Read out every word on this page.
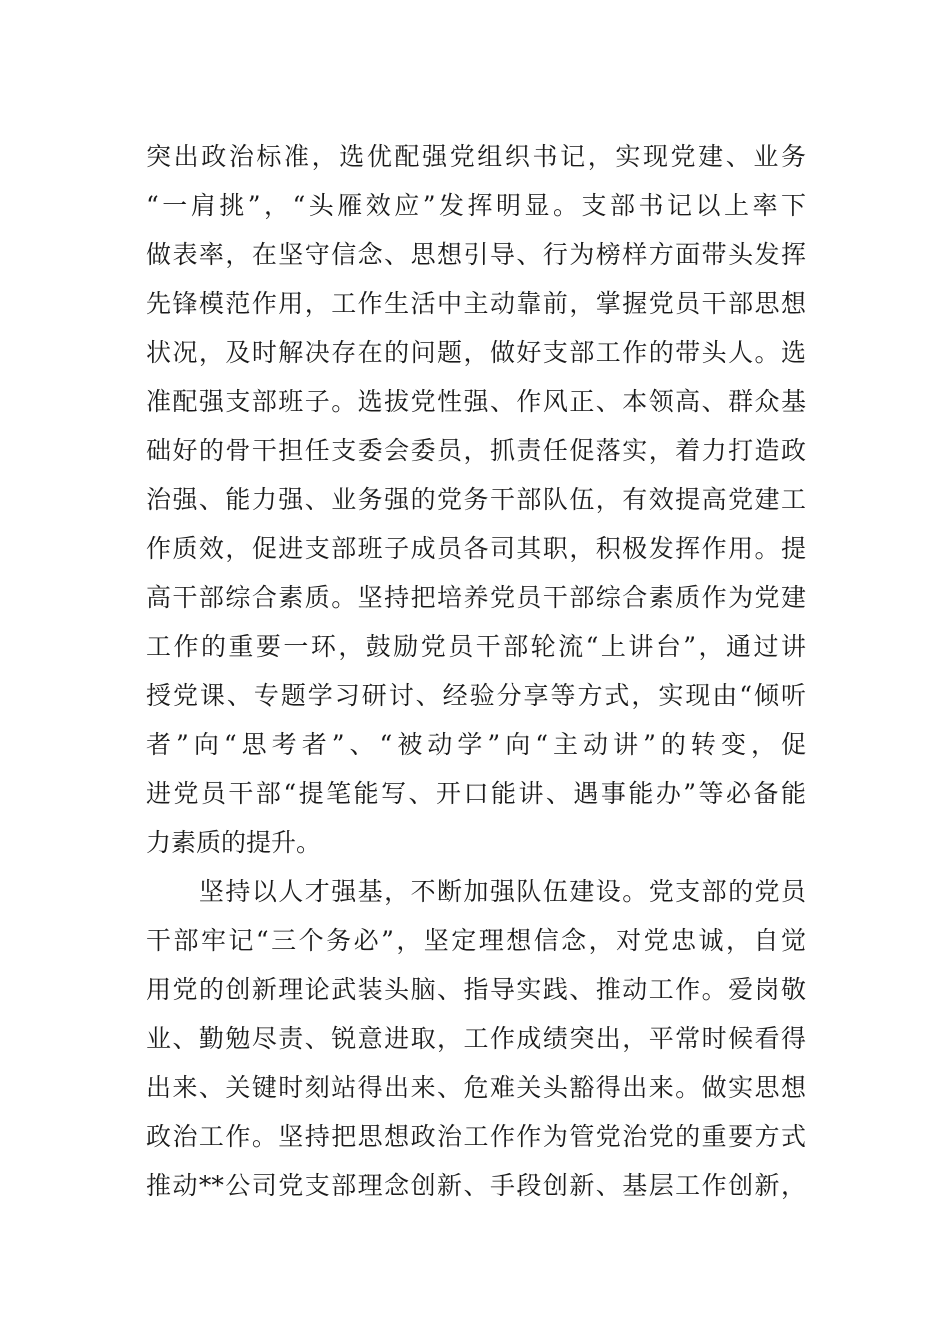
突出政治标准，选优配强党组织书记，实现党建、业务
“一肩挑”，“头雁效应”发挥明显。支部书记以上率下
做表率，在坚守信念、思想引导、行为榜样方面带头发挥
先锋模范作用，工作生活中主动靠前，掌握党员干部思想
状况，及时解决存在的问题，做好支部工作的带头人。选
准配强支部班子。选拔党性强、作风正、本领高、群众基
础好的骨干担任支委会委员，抓责任促落实，着力打造政
治强、能力强、业务强的党务干部队伍，有效提高党建工
作质效，促进支部班子成员各司其职，积极发挥作用。提
高干部综合素质。坚持把培养党员干部综合素质作为党建
工作的重要一环，鼓励党员干部轮流“上讲台”，通过讲
授党课、专题学习研讨、经验分享等方式，实现由“倾听
者”向“思考者”、“被动学”向“主动讲”的转变，促
进党员干部“提笔能写、开口能讲、遇事能办”等必备能
力素质的提升。
　　坚持以人才强基，不断加强队伍建设。党支部的党员
干部牢记“三个务必”，坚定理想信念，对党忠诚，自觉
用党的创新理论武装头脑、指导实践、推动工作。爱岗敬
业、勤勉尽责、锐意进取，工作成绩突出，平常时候看得
出来、关键时刻站得出来、危难关头豁得出来。做实思想
政治工作。坚持把思想政治工作作为管党治党的重要方式
推动**公司党支部理念创新、手段创新、基层工作创新，
